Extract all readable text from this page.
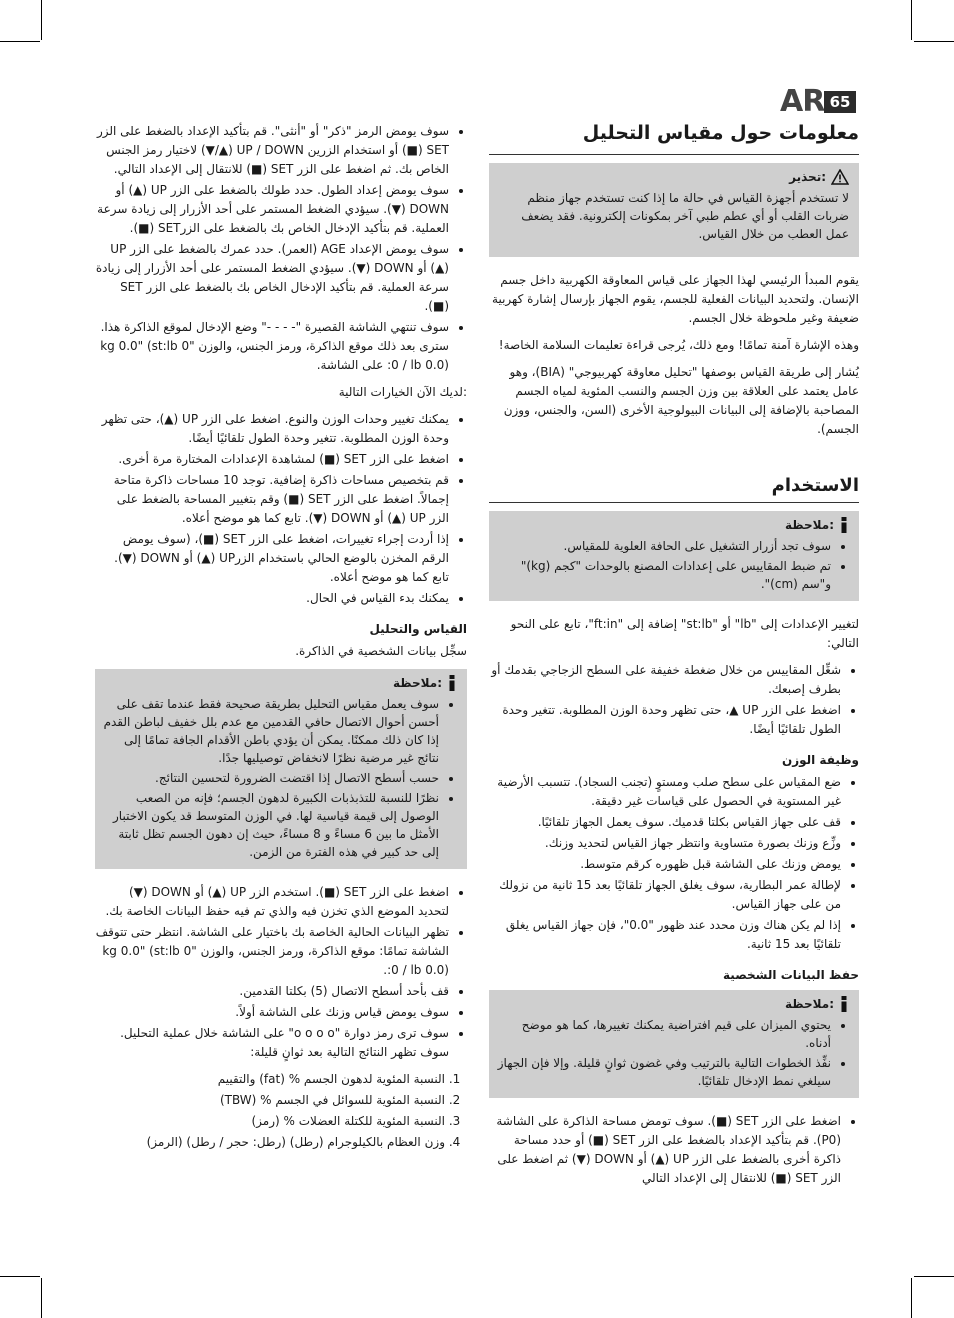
AR 65
معلومات حول مقياس التحليل
:تحذير

لا تستخدم أجهزة القياس في حالة ما إذا كنت تستخدم جهاز منظم ضربات القلب أو أي عطم طبي آخر بمكونات إلكترونية. فقد يضعف عمل العطب من خلال القياس.

يقوم المبدأ الرئيسي لهذا الجهاز على قياس المعاوقة الكهربية داخل جسم الإنسان. ولتحديد البيانات الفعلية للجسم، يقوم الجهاز بإرسال إشارة كهربية ضعيفة وغير ملحوظة خلال الجسم.

وهذه الإشارة آمنة تمامًا! ومع ذلك، يُرجى قراءة تعليمات السلامة الخاصة!

يُشار إلى طريقة القياس بوصفها "تحليل معاوقة كهربيوجي" (BIA)، وهو عامل يعتمد على العلاقة بين وزن الجسم والنسب المئوية لمياه الجسم المصاحبة بالإضافة إلى البيانات البيولوجية الأخرى (السن، والجنس، ووزن الجسم).

الاستخدام
:ملاحظة
• سوف تجد أزرار التشغيل على الحافة العلوية للمقياس.
• تم ضبط المقاييس على إعدادات المصنع بالوحدات "كجم (kg)" و"سم (cm)".

لتغيير الإعدادات إلى "lb" أو "st:lb" إضافة إلى "ft:in"، تابع على النحو التالي:

• شغِّل المقاييس من خلال ضغطة خفيفة على السطح الزجاجي بقدمك أو بطرف إصبعك.
• اضغط على الزر UP ▲، حتى تظهر وحدة الوزن المطلوبة. تتغير وحدة الطول تلقائيًا أيضًا.
وظيفة الوزن
• ضع المقياس على سطح صلب ومستوٍ (تجنب السجاد). تتسبب الأرضية غير المستوية في الحصول على قياسات غير دقيقة.
• قف على جهاز القياس بكلتا قدميك. سوف يعمل الجهاز تلقائيًا.
• وزِّع وزنك بصورة متساوية وانتظر جهاز القياس لتحديد وزنك.
• يومض وزنك على الشاشة قبل ظهوره كرقم متوسط.
• لإطالة عمر البطارية، سوف يغلق الجهاز تلقائيًا بعد 15 ثانية من نزولك من على جهاز القياس.
• إذا لم يكن هناك وزن محدد عند ظهور "0.0"، فإن جهاز القياس يغلق تلقائيًا بعد 15 ثانية.
حفظ البيانات الشخصية
:ملاحظة
• يحتوي الميزان على قيم افتراضية يمكنك تغييرها، كما هو موضح أدناه.
• نفِّذ الخطوات التالية بالترتيب وفي غضون ثوانٍ قليلة. وإلا فإن الجهاز سيلغي نمط الإدخال تلقائيًا.
• اضغط على الزر SET (■). سوف تومض مساحة الذاكرة على الشاشة (P0). قم بتأكيد الإعداد بالضغط على الزر SET (■) أو حدد مساحة ذاكرة أخرى بالضغط على الزر UP (▲) أو DOWN (▼) ثم اضغط على الزر SET (■) للانتقال إلى الإعداد التالي
• سوف يومض الرمز "ذكر" أو "أنثى". قم بتأكيد الإعداد بالضغط على الزر SET (■) أو استخدام الزرين UP / DOWN (▲/▼) لاختيار رمز الجنس الخاص بك. ثم اضغط على الزر SET (■) للانتقال إلى الإعداد التالي.
• سوف يومض إعداد الطول. حدد طولك بالضغط على الزر UP (▲) أو DOWN (▼). سيؤدي الضغط المستمر على أحد الأزرار إلى زيادة سرعة العملية. قم بتأكيد الإدخال الخاص بك بالضغط على الزرSET (■).
• سوف يومض الإعداد AGE (العمر). حدد عمرك بالضغط على الزر UP (▲) أو DOWN (▼). سيؤدي الضغط المستمر على أحد الأزرار إلى زيادة سرعة العملية. قم بتأكيد الإدخال الخاص بك بالضغط على الزر SET (■).
• سوف تنتهي الشاشة القصيرة "- - - -" وضع الإدخال لموقع الذاكرة هذا. سترى بعد ذلك موقع الذاكرة، ورمز الجنس، والوزن "kg 0.0" (st:lb 0 :0 / lb 0.0) على الشاشة.

:لديك الآن الخيارات التالية

• يمكنك تغيير وحدات الوزن والنوع. اضغط على الزر UP (▲)، حتى تظهر وحدة الوزن المطلوبة. تتغير وحدة الطول تلقائيًا أيضًا.
• اضغط على الزر SET (■) لمشاهدة الإعدادات المختارة مرة أخرى.
• قم بتخصيص مساحات ذاكرة إضافية. توجد 10 مساحات ذاكرة متاحة إجمالاً. اضغط على الزر SET (■) وقم بتغيير المساحة بالضغط على الزر UP (▲) أو DOWN (▼). تابع كما هو موضح أعلاه.
• إذا أردت إجراء تغييرات، اضغط على الزر SET (■)، (سوف يومض الرقم المخزن بالوضع الحالي باستخدام الزرUP (▲) أو DOWN (▼). تابع كما هو موضح أعلاه.
• يمكنك بدء القياس في الحال.
القياس والتحليل

سجِّل بيانات الشخصية في الذاكرة.

:ملاحظة
• سوف يعمل مقياس التحليل بطريقة صحيحة فقط عندما تقف على أحسن أحوال الاتصال حافي القدمين مع عدم بلل خفيف لباطن القدم إذا كان ذلك ممكنًا. يمكن أن يؤدي باطن الأقدام الجافة تمامًا إلى نتائج غير مرضية نظرًا لانخفاض توصيليها جدًا.
• حسب أسطح الاتصال إذا اقتضت الضرورة لتحسين النتائج.
• نظرًا للنسبة للتذبذبات الكبيرة لدهون الجسم؛ فإنه من الصعب الوصول إلى قيمة قياسية لها. في الوزن المتوسط قد يكون الاختبار الأمثل ما بين 6 مساءً و 8 مساءً، حيث إن دهون الجسم تظل ثابتة إلى حد كبير في هذه الفترة من الزمن.
• اضغط على الزر SET (■). استخدم الزر UP (▲) أو DOWN (▼) لتحديد الموضع الذي تخزن فيه والذي تم فيه حفظ البيانات الخاصة بك.
• تظهر البيانات الحالية الخاصة بك باختيار على الشاشة. انتظر حتى تتوقف الشاشة تمامًا: موقع الذاكرة، ورمز الجنس، والوزن "kg 0.0" (st:lb 0 :0 / lb 0.0).
• قف بأحد أسطح الاتصال (5) بكلتا القدمين.
• سوف يومض قياس وزنك على الشاشة أولاً.
• سوف ترى رمز دوارة "o o o o" على الشاشة خلال عملية التحليل. سوف تظهر النتائج التالية بعد ثوانٍ قليلة:
1. النسبة المئوية لدهون الجسم % (fat) والتقييم
2. النسبة المئوية للسوائل في الجسم % (TBW)
3. النسبة المئوية للكتلة العضلات % (رمز)
4. وزن العظام بالكيلوجرام (رطل) (رطل: حجر / رطل) (الرمز)
